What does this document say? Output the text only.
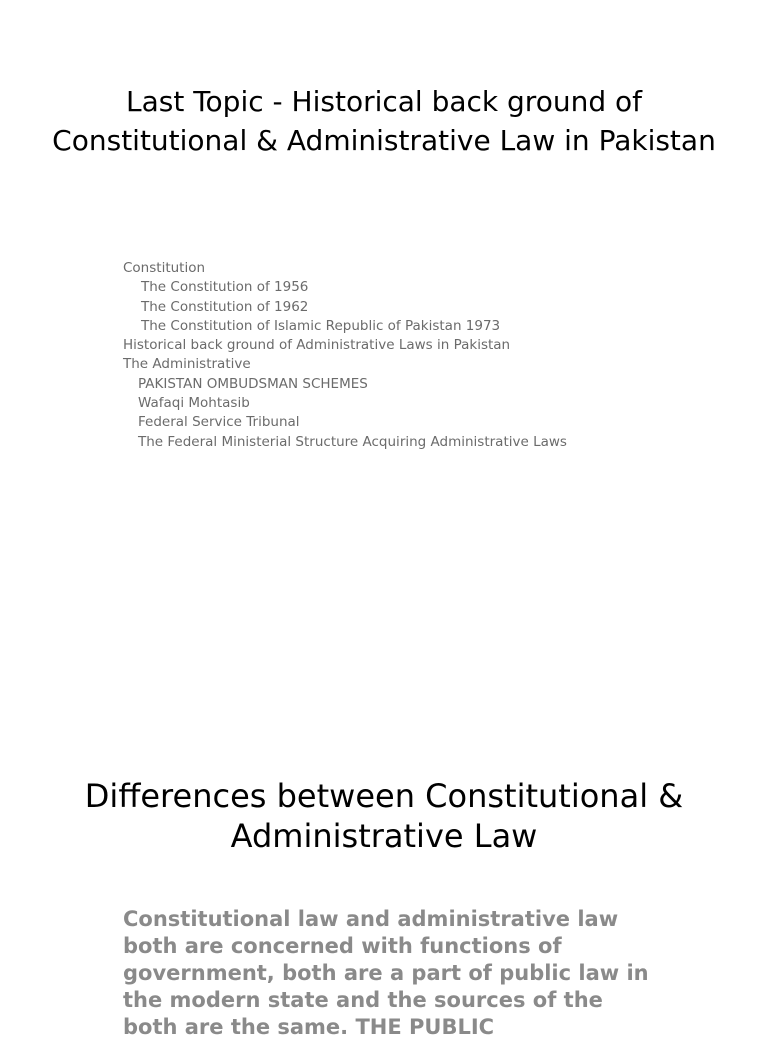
Last Topic - Historical back ground of Constitutional & Administrative Law in Pakistan
Constitution
The Constitution of 1956
The Constitution of 1962
The Constitution of Islamic Republic of Pakistan 1973
Historical back ground of Administrative Laws in Pakistan
The Administrative
PAKISTAN OMBUDSMAN SCHEMES
Wafaqi Mohtasib
Federal Service Tribunal
The Federal Ministerial Structure Acquiring Administrative Laws
Differences between Constitutional & Administrative Law

Constitutional law and administrative law both are concerned with functions of government, both are a part of public law in the modern state and the sources of the both are the same. THE PUBLIC
